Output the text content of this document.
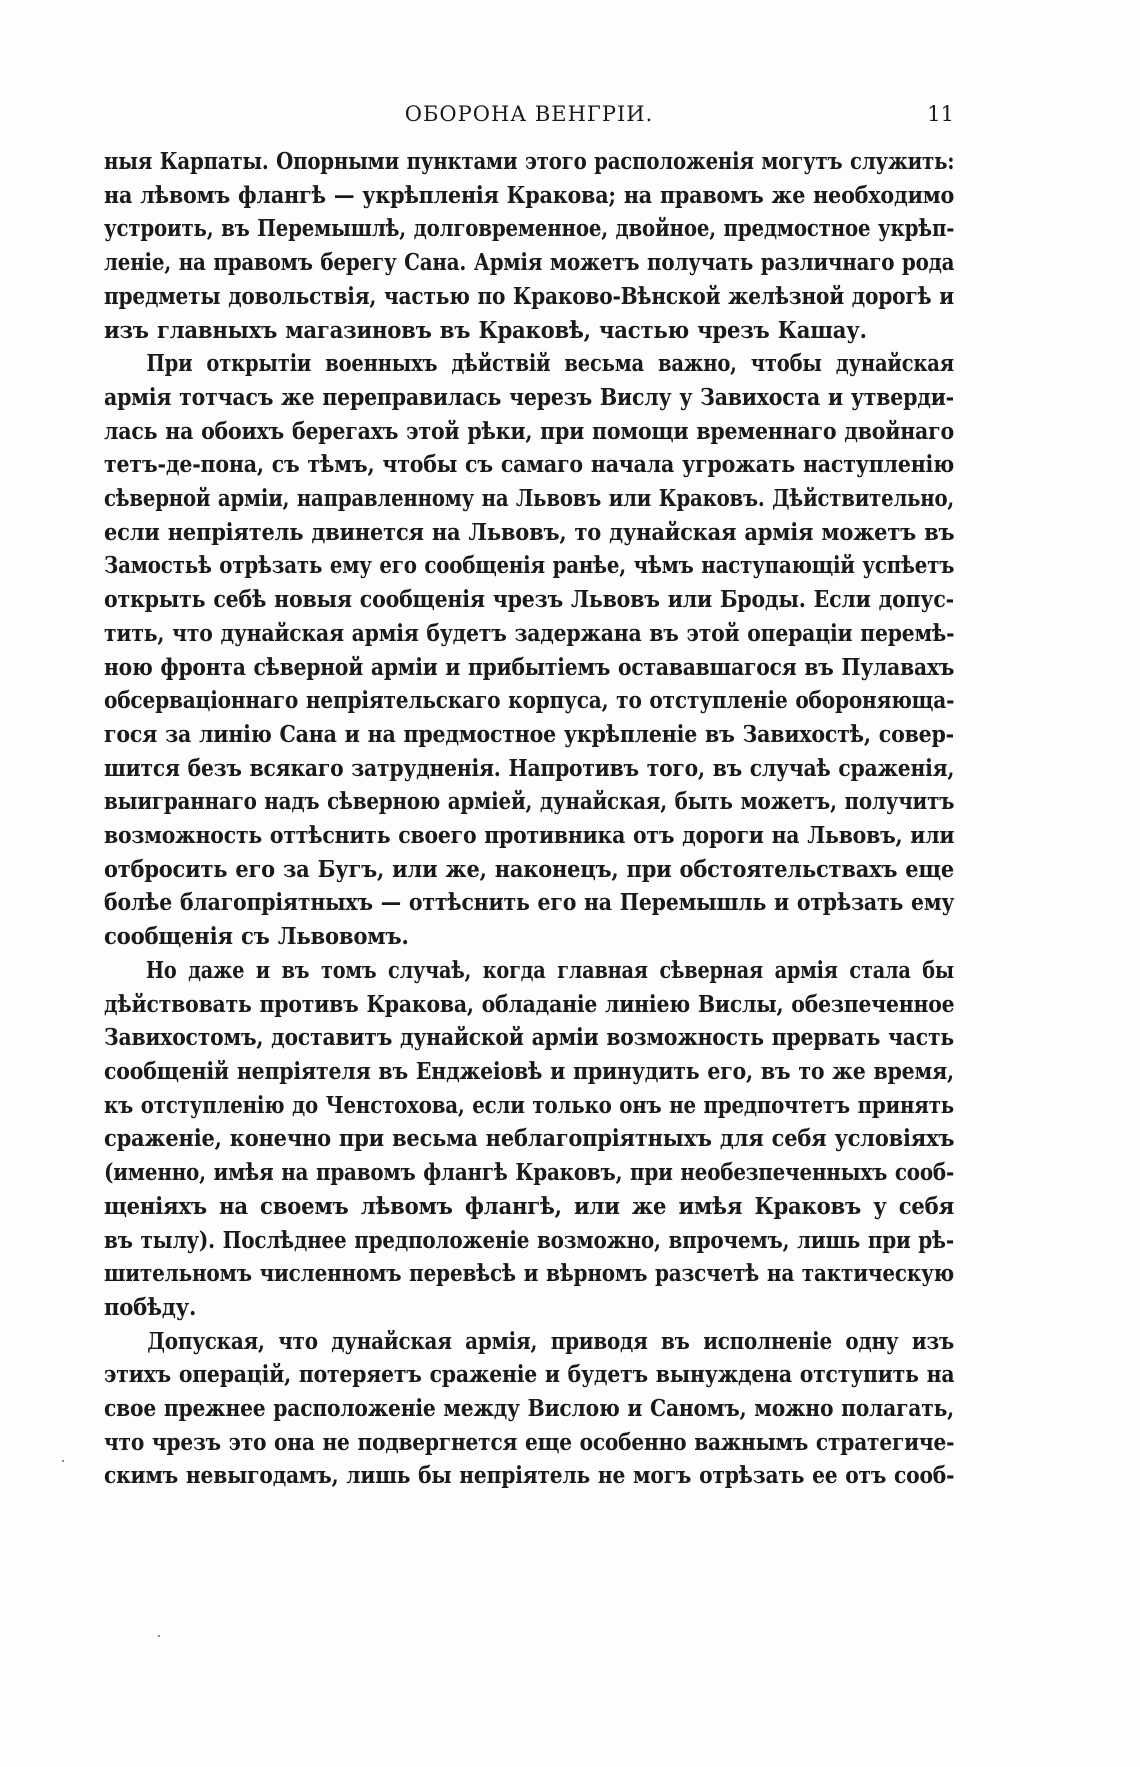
ОБОРОНА ВЕНГРІИ.	11

ныя Карпаты. Опорными пунктами этого расположенія могутъ служить:
на лѣвомъ флангѣ — укрѣпленія Кракова; на правомъ же необходимо
устроить, въ Перемышлѣ, долговременное, двойное, предмостное укрѣп-
леніе, на правомъ берегу Сана. Армія можетъ получать различнаго рода
предметы довольствія, частью по Краково-Вѣнской желѣзной дорогѣ и
изъ главныхъ магазиновъ въ Краковѣ, частью чрезъ Кашау.

При открытіи военныхъ дѣйствій весьма важно, чтобы дунайская
армія тотчасъ же переправилась черезъ Вислу у Завихоста и утверди-
лась на обоихъ берегахъ этой рѣки, при помощи временнаго двойнаго
тетъ-де-пона, съ тѣмъ, чтобы съ самаго начала угрожать наступленію
сѣверной арміи, направленному на Львовъ или Краковъ. Дѣйствительно,
если непріятель двинется на Львовъ, то дунайская армія можетъ въ
Замостьѣ отрѣзать ему его сообщенія ранѣе, чѣмъ наступающій успѣетъ
открыть себѣ новыя сообщенія чрезъ Львовъ или Броды. Если допус-
тить, что дунайская армія будетъ задержана въ этой операціи перемѣ-
ною фронта сѣверной арміи и прибытіемъ остававшагося въ Пулавахъ
обсерваціоннаго непріятельскаго корпуса, то отступленіе обороняюща-
гося за линію Сана и на предмостное укрѣпленіе въ Завихостѣ, совер-
шится безъ всякаго затрудненія. Напротивъ того, въ случаѣ сраженія,
выиграннаго надъ сѣверною арміей, дунайская, быть можетъ, получитъ
возможность оттѣснить своего противника отъ дороги на Львовъ, или
отбросить его за Бугъ, или же, наконецъ, при обстоятельствахъ еще
болѣе благопріятныхъ — оттѣснить его на Перемышль и отрѣзать ему
сообщенія съ Львовомъ.

Но даже и въ томъ случаѣ, когда главная сѣверная армія стала бы
дѣйствовать противъ Кракова, обладаніе линіею Вислы, обезпеченное
Завихостомъ, доставитъ дунайской арміи возможность прервать часть
сообщеній непріятеля въ Енджеіовѣ и принудить его, въ то же время,
къ отступленію до Ченстохова, если только онъ не предпочтетъ принять
сраженіе, конечно при весьма неблагопріятныхъ для себя условіяхъ
(именно, имѣя на правомъ флангѣ Краковъ, при необезпеченныхъ сооб-
щеніяхъ на своемъ лѣвомъ флангѣ, или же имѣя Краковъ у себя
въ тылу). Послѣднее предположеніе возможно, впрочемъ, лишь при рѣ-
шительномъ численномъ перевѣсѣ и вѣрномъ разсчетѣ на тактическую
побѣду.

Допуская, что дунайская армія, приводя въ исполненіе одну изъ
этихъ операцій, потеряетъ сраженіе и будетъ вынуждена отступить на
свое прежнее расположеніе между Вислою и Саномъ, можно полагать,
что чрезъ это она не подвергнется еще особенно важнымъ стратегиче-
скимъ невыгодамъ, лишь бы непріятель не могъ отрѣзать ее отъ сооб-
